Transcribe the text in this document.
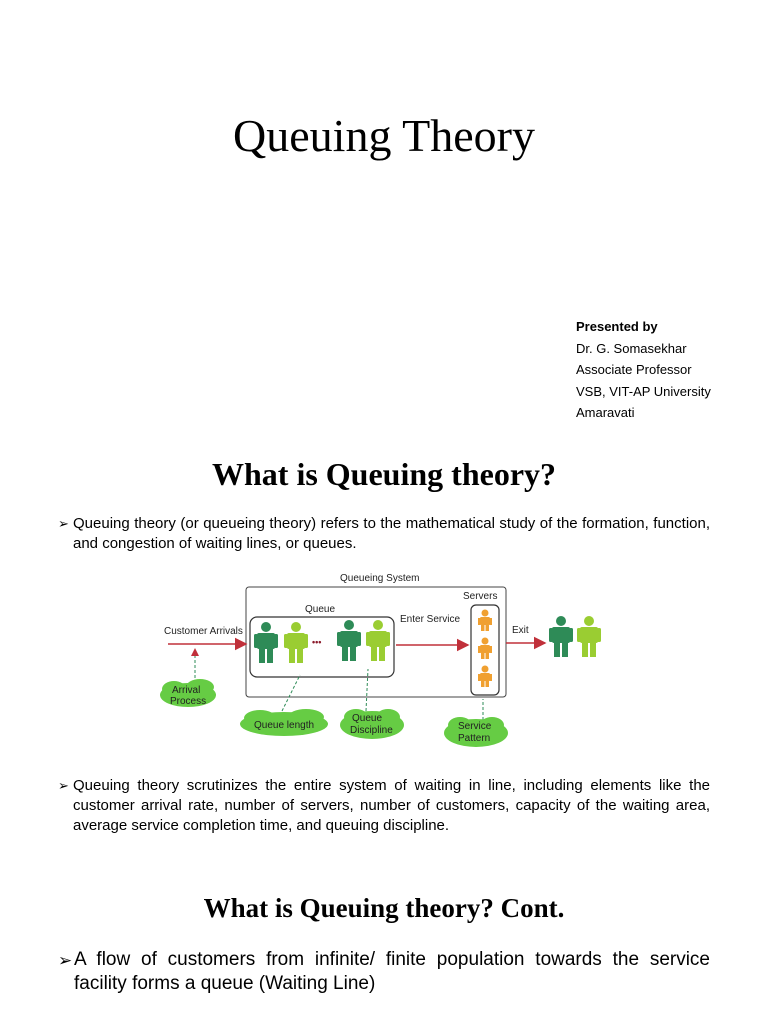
Queuing Theory
Presented by
Dr. G. Somasekhar
Associate Professor
VSB, VIT-AP University
Amaravati
What is Queuing theory?
➢ Queuing theory (or queueing theory) refers to the mathematical study of the formation, function, and congestion of waiting lines, or queues.
Queueing System
Queue
Servers
Customer Arrivals
•••
Enter Service
Exit
Arrival
Process
Queue length
Queue
Discipline	Service
Pattern
➢ Queuing theory scrutinizes the entire system of waiting in line, including elements like the customer arrival rate, number of servers, number of customers, capacity of the waiting area, average service completion time, and queuing discipline.
What is Queuing theory? Cont.
➢ A flow of customers from infinite/ finite population towards the service facility forms a queue (Waiting Line)
